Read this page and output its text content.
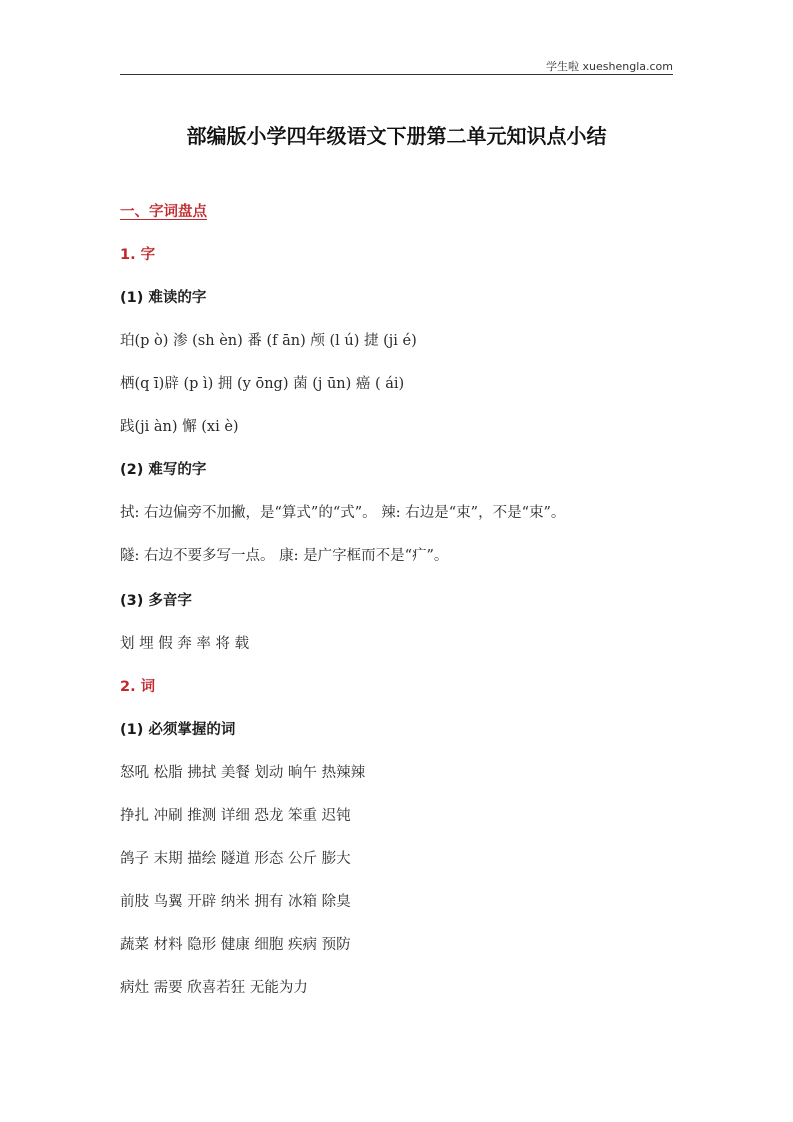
学生啦 xueshengla.com
部编版小学四年级语文下册第二单元知识点小结
一、字词盘点
1. 字
(1) 难读的字
珀(p ò) 渗 (sh èn) 番 (f ān) 颅 (l ú) 捷 (ji é)
栖(q ī)辟 (p ì) 拥 (y ōng) 菌 (j ūn) 癌 ( ái)
践(ji àn) 懈 (xi è)
(2) 难写的字
拭: 右边偏旁不加撇，是“算式”的“式”。 辣: 右边是“束”，不是“束”。
隧: 右边不要多写一点。 康: 是广字框而不是“疒”。
(3) 多音字
划 埋 假 奔 率 将 载
2. 词
(1) 必须掌握的词
怒吼 松脂 拂拭 美餐 划动 晌午 热辣辣
挣扎 冲刷 推测 详细 恐龙 笨重 迟钝
鸽子 末期 描绘 隧道 形态 公斤 膨大
前肢 鸟翼 开辟 纳米 拥有 冰箱 除臭
蔬菜 材料 隐形 健康 细胞 疾病 预防
病灶 需要 欣喜若狂 无能为力
